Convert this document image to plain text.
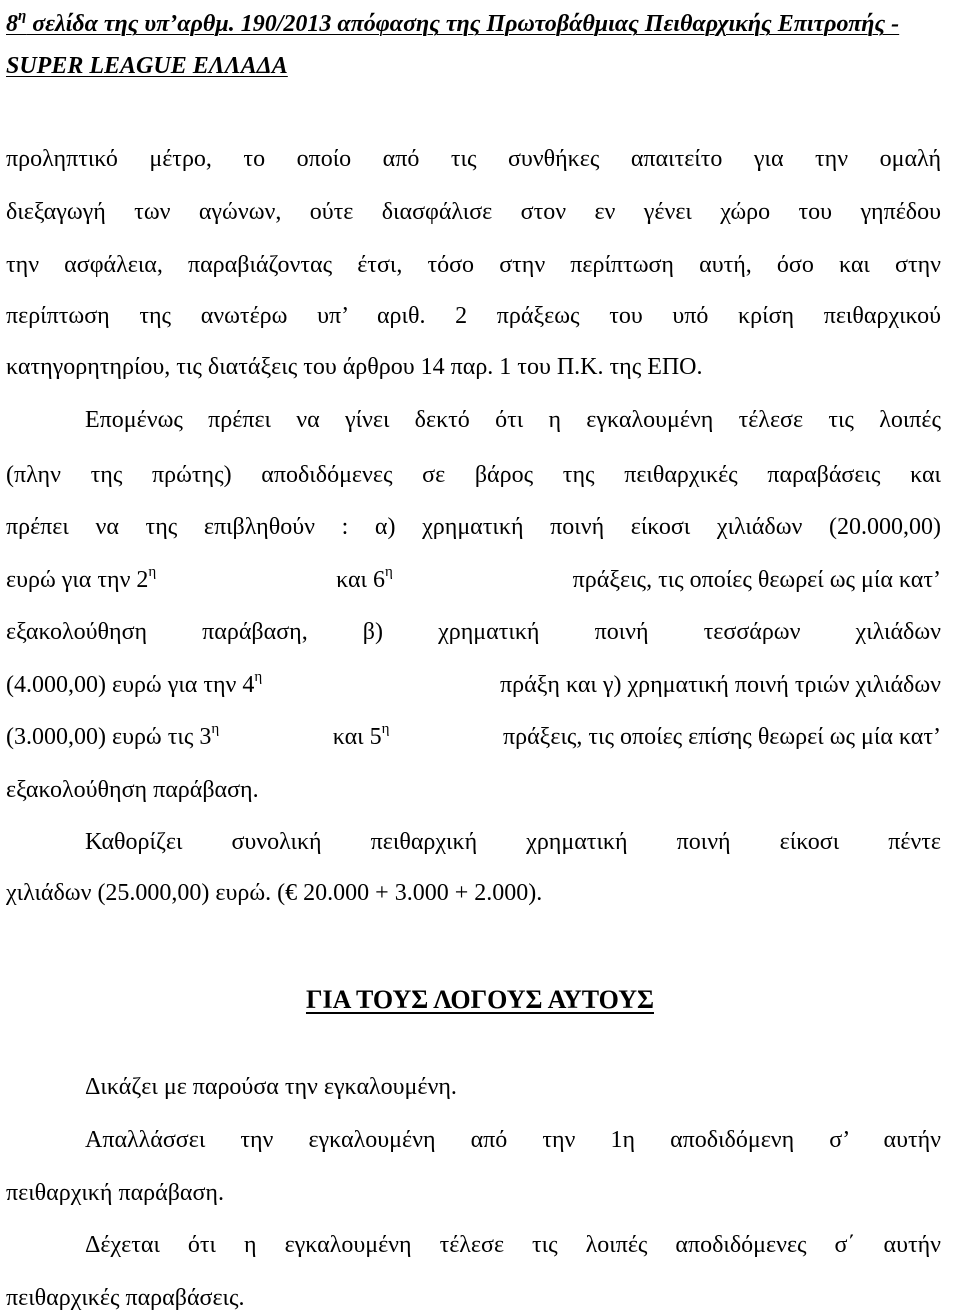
$8^\eta$ σελίδα της υπ’αρθμ. 190/2013 απόφασης της Πρωτοβάθμιας Πειθαρχικής Επιτροπής -
SUPER LEAGUE ΕΛΛΑΔΑ
προληπτικό μέτρο, το οποίο από τις συνθήκες απαιτείτο για την ομαλή
διεξαγωγή των αγώνων, ούτε διασφάλισε στον εν γένει χώρο του γηπέδου
την ασφάλεια, παραβιάζοντας έτσι, τόσο στην περίπτωση αυτή, όσο και στην
περίπτωση της ανωτέρω υπ’ αριθ. 2 πράξεως του υπό κρίση πειθαρχικού
κατηγορητηρίου, τις διατάξεις του άρθρου 14 παρ. 1 του Π.Κ. της ΕΠΟ.
Επομένως πρέπει να γίνει δεκτό ότι η εγκαλουμένη τέλεσε τις λοιπές
(πλην της πρώτης) αποδιδόμενες σε βάρος της πειθαρχικές παραβάσεις και
πρέπει να της επιβληθούν : α) χρηματική ποινή είκοσι χιλιάδων (20.000,00)
ευρώ για την $2^\eta$	και $6^\eta$	πράξεις, τις οποίες θεωρεί ως μία κατ’
εξακολούθηση παράβαση, β) χρηματική ποινή τεσσάρων χιλιάδων
(4.000,00) ευρώ για την $4^\eta$	πράξη και γ) χρηματική ποινή τριών χιλιάδων
(3.000,00) ευρώ τις $3^\eta$	και $5^\eta$	πράξεις, τις οποίες επίσης θεωρεί ως μία κατ’
εξακολούθηση παράβαση.
Καθορίζει συνολική πειθαρχική χρηματική ποινή είκοσι πέντε
χιλιάδων (25.000,00) ευρώ. (€ 20.000 + 3.000 + 2.000).
ΓΙΑ ΤΟΥΣ ΛΟΓΟΥΣ ΑΥΤΟΥΣ
Δικάζει με παρούσα την εγκαλουμένη.
Απαλλάσσει την εγκαλουμένη από την 1η αποδιδόμενη σ’ αυτήν
πειθαρχική παράβαση.
Δέχεται ότι η εγκαλουμένη τέλεσε τις λοιπές αποδιδόμενες σ΄ αυτήν
πειθαρχικές παραβάσεις.
